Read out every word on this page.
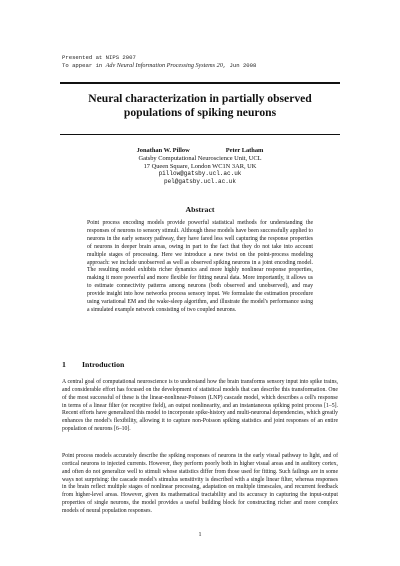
Presented at NIPS 2007
To appear in Adv Neural Information Processing Systems 20, Jun 2008
Neural characterization in partially observed
populations of spiking neurons
Jonathan W. Pillow	Peter Latham
Gatsby Computational Neuroscience Unit, UCL
17 Queen Square, London WC1N 3AR, UK
pillow@gatsby.ucl.ac.uk
pel@gatsby.ucl.ac.uk
Abstract
Point process encoding models provide powerful statistical methods for understanding the responses of neurons to sensory stimuli. Although these models have been successfully applied to neurons in the early sensory pathway, they have fared less well capturing the response properties of neurons in deeper brain areas, owing in part to the fact that they do not take into account multiple stages of processing. Here we introduce a new twist on the point-process modeling approach: we include unobserved as well as observed spiking neurons in a joint encoding model. The resulting model exhibits richer dynamics and more highly nonlinear response properties, making it more powerful and more flexible for fitting neural data. More importantly, it allows us to estimate connectivity patterns among neurons (both observed and unobserved), and may provide insight into how networks process sensory input. We formulate the estimation procedure using variational EM and the wake-sleep algorithm, and illustrate the model's performance using a simulated example network consisting of two coupled neurons.
1 Introduction
A central goal of computational neuroscience is to understand how the brain transforms sensory input into spike trains, and considerable effort has focused on the development of statistical models that can describe this transformation. One of the most successful of these is the linear-nonlinear-Poisson (LNP) cascade model, which describes a cell's response in terms of a linear filter (or receptive field), an output nonlinearity, and an instantaneous spiking point process [1–5]. Recent efforts have generalized this model to incorporate spike-history and multi-neuronal dependencies, which greatly enhances the model's flexibility, allowing it to capture non-Poisson spiking statistics and joint responses of an entire population of neurons [6–10].
Point process models accurately describe the spiking responses of neurons in the early visual pathway to light, and of cortical neurons to injected currents. However, they perform poorly both in higher visual areas and in auditory cortex, and often do not generalize well to stimuli whose statistics differ from those used for fitting. Such failings are in some ways not surprising: the cascade model's stimulus sensitivity is described with a single linear filter, whereas responses in the brain reflect multiple stages of nonlinear processing, adaptation on multiple timescales, and recurrent feedback from higher-level areas. However, given its mathematical tractability and its accuracy in capturing the input-output properties of single neurons, the model provides a useful building block for constructing richer and more complex models of neural population responses.
1
